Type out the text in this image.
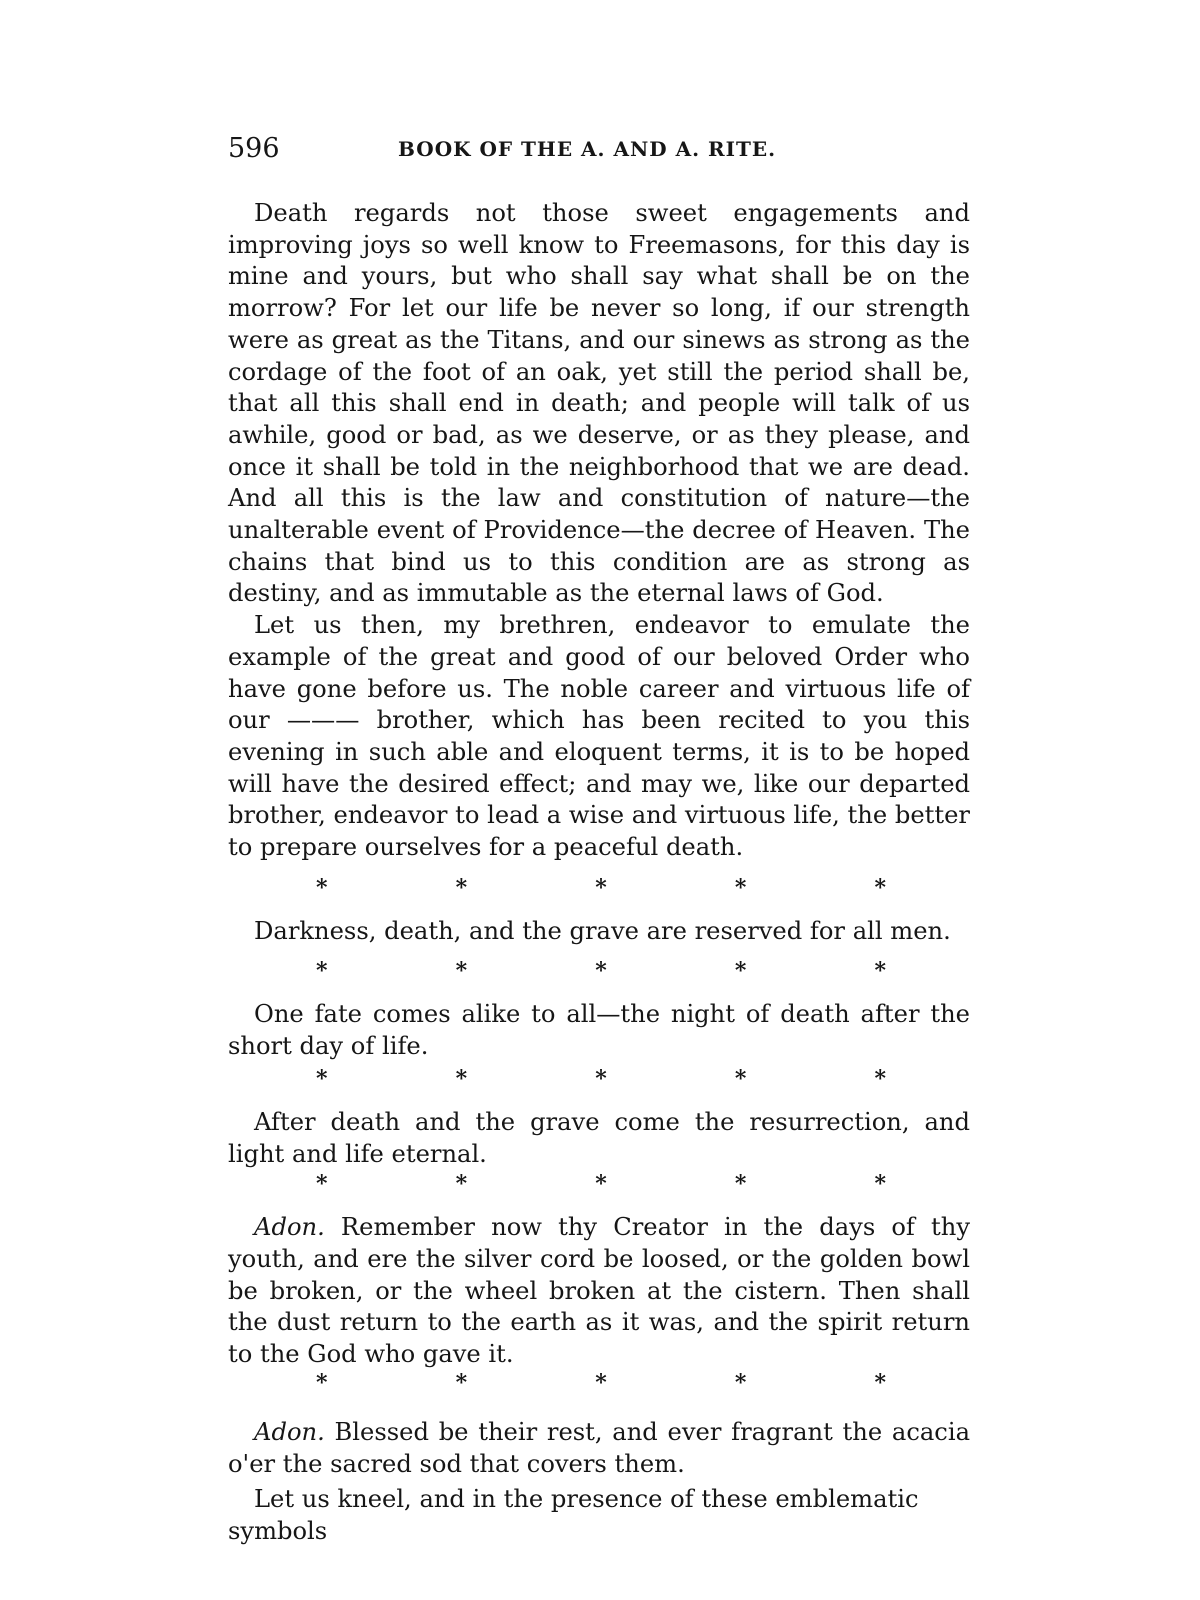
596	BOOK OF THE A. AND A. RITE.

Death regards not those sweet engagements and improving joys so well know to Freemasons, for this day is mine and yours, but who shall say what shall be on the morrow? For let our life be never so long, if our strength were as great as the Titans, and our sinews as strong as the cordage of the foot of an oak, yet still the period shall be, that all this shall end in death; and people will talk of us awhile, good or bad, as we deserve, or as they please, and once it shall be told in the neighborhood that we are dead. And all this is the law and constitution of nature—the unalterable event of Providence—the decree of Heaven. The chains that bind us to this condition are as strong as destiny, and as immutable as the eternal laws of God.

Let us then, my brethren, endeavor to emulate the example of the great and good of our beloved Order who have gone before us. The noble career and virtuous life of our ——— brother, which has been recited to you this evening in such able and eloquent terms, it is to be hoped will have the desired effect; and may we, like our departed brother, endeavor to lead a wise and virtuous life, the better to prepare ourselves for a peaceful death.

*	*	*	*	*

Darkness, death, and the grave are reserved for all men.

*	*	*	*	*

One fate comes alike to all—the night of death after the short day of life.

*	*	*	*	*

After death and the grave come the resurrection, and light and life eternal.

*	*	*	*	*

Adon. Remember now thy Creator in the days of thy youth, and ere the silver cord be loosed, or the golden bowl be broken, or the wheel broken at the cistern. Then shall the dust return to the earth as it was, and the spirit return to the God who gave it.

*	*	*	*	*

Adon. Blessed be their rest, and ever fragrant the acacia o'er the sacred sod that covers them.

Let us kneel, and in the presence of these emblematic symbols
